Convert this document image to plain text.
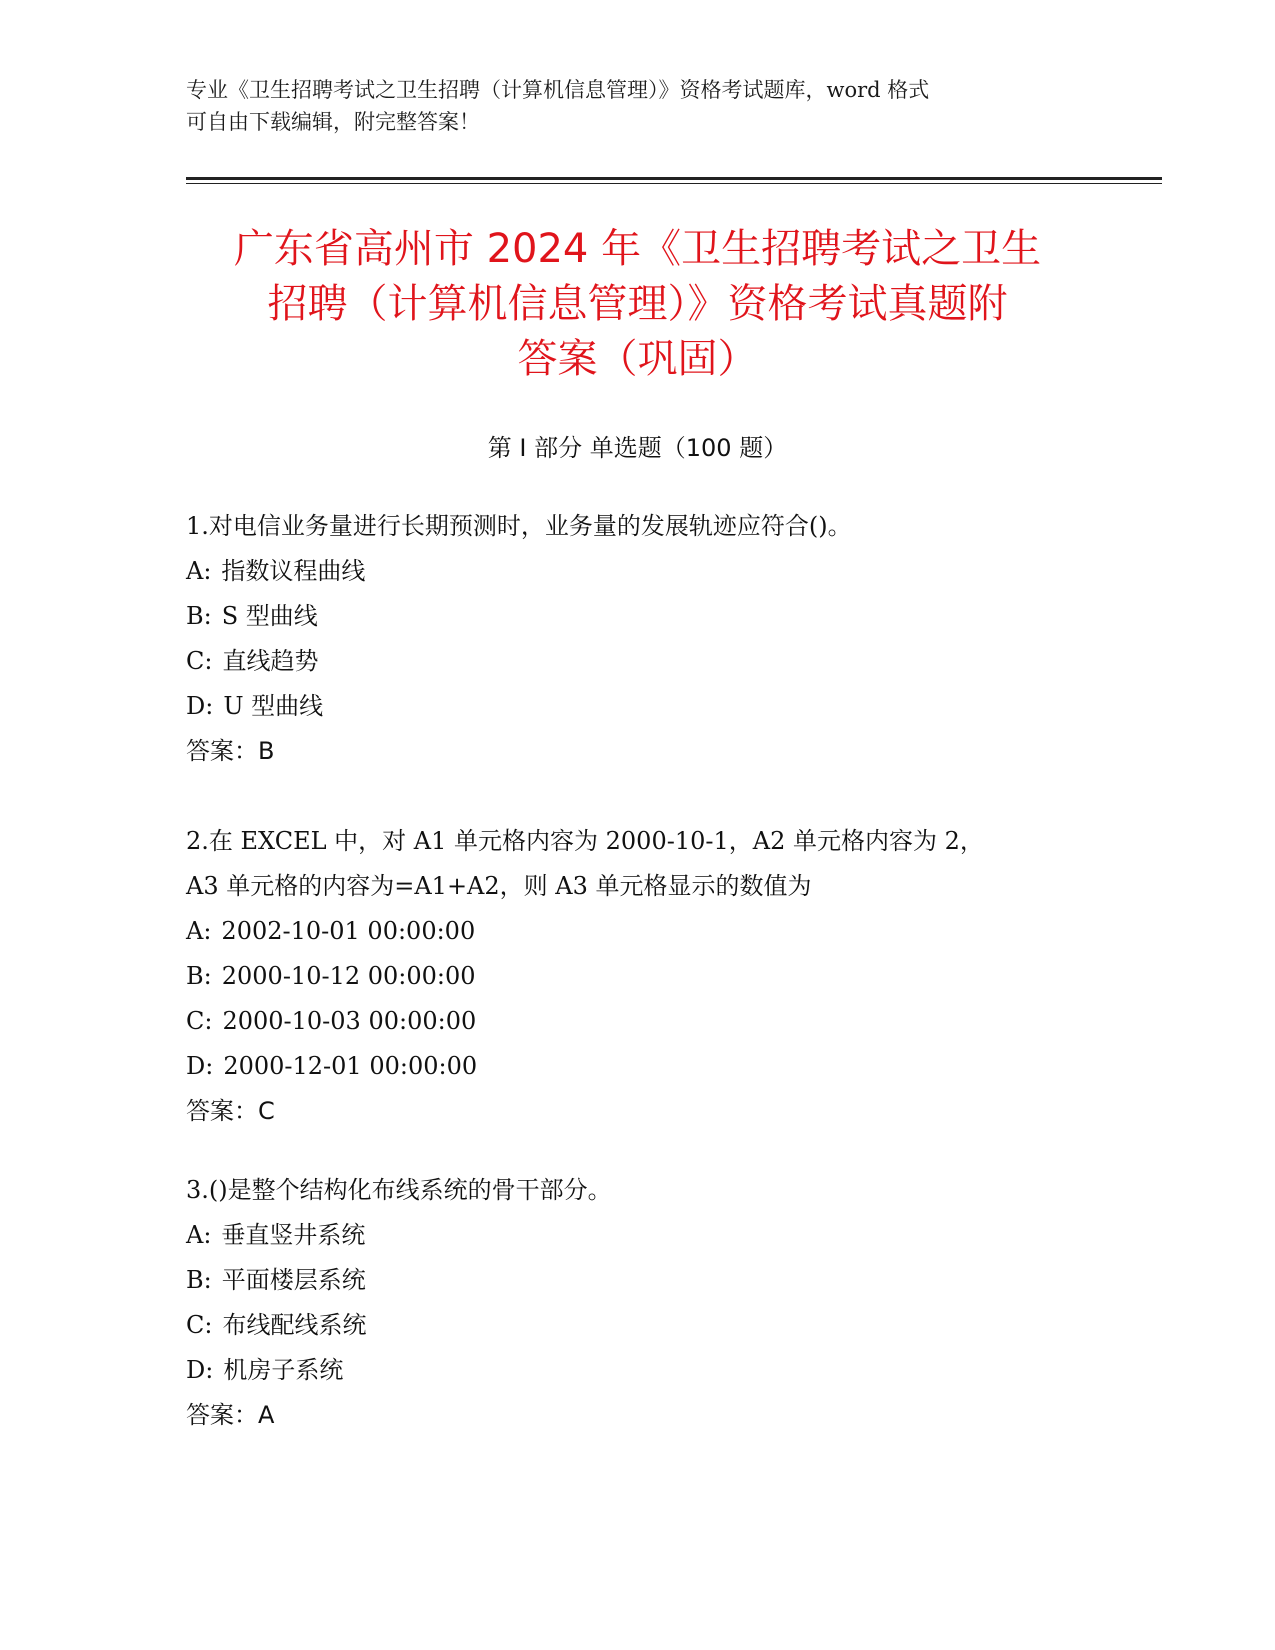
专业《卫生招聘考试之卫生招聘（计算机信息管理）》资格考试题库，word 格式
可自由下载编辑，附完整答案！
广东省高州市 2024 年《卫生招聘考试之卫生
招聘（计算机信息管理）》资格考试真题附
答案（巩固）
第 I 部分 单选题（100 题）
1.对电信业务量进行长期预测时，业务量的发展轨迹应符合()。
A: 指数议程曲线
B: S 型曲线
C: 直线趋势
D: U 型曲线
答案：B
2.在 EXCEL 中，对 A1 单元格内容为 2000-10-1，A2 单元格内容为 2，
A3 单元格的内容为=A1+A2，则 A3 单元格显示的数值为
A: 2002-10-01 00:00:00
B: 2000-10-12 00:00:00
C: 2000-10-03 00:00:00
D: 2000-12-01 00:00:00
答案：C
3.()是整个结构化布线系统的骨干部分。
A: 垂直竖井系统
B: 平面楼层系统
C: 布线配线系统
D: 机房子系统
答案：A
